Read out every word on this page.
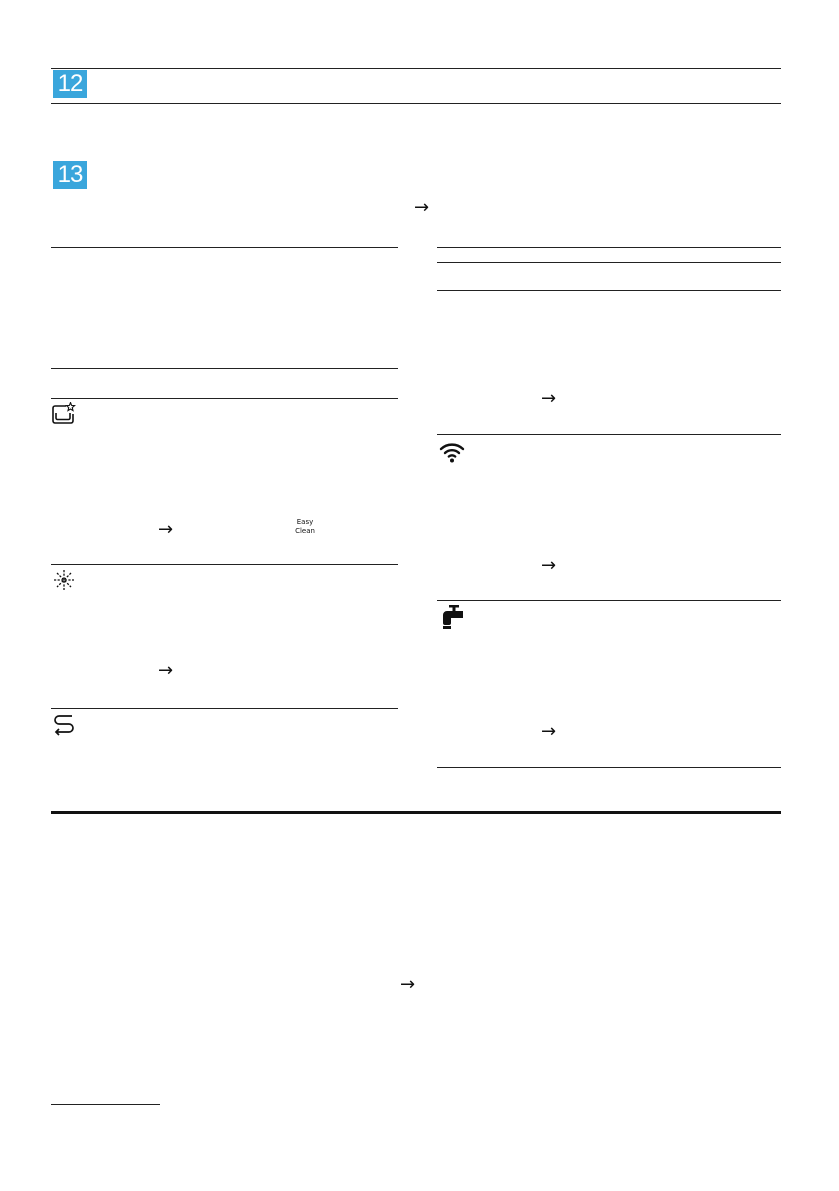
12
13
→
→	Easy
Clean
→
→
→
→
→
